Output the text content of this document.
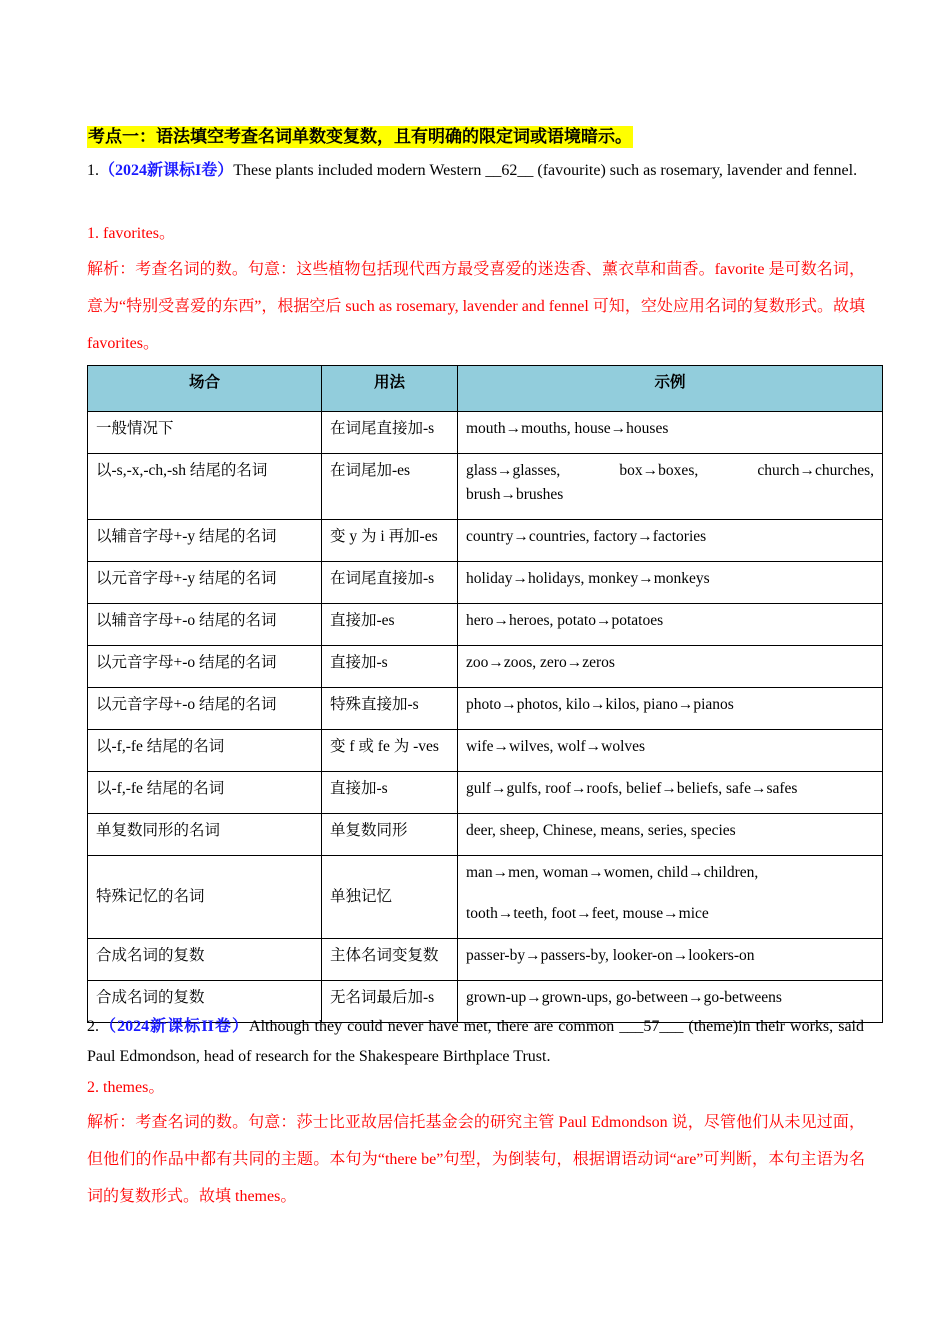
考点一：语法填空考查名词单数变复数，且有明确的限定词或语境暗示。
1.（2024新课标I卷）These plants included modern Western __62__ (favourite) such as rosemary, lavender and fennel.
1. favorites。
解析：考查名词的数。句意：这些植物包括现代西方最受喜爱的迷迭香、薰衣草和茴香。favorite 是可数名词，意为“特别受喜爱的东西”，根据空后 such as rosemary, lavender and fennel 可知，空处应用名词的复数形式。故填 favorites。
场合	用法	示例
一般情况下	在词尾直接加-s	mouth→mouths, house→houses
以-s,-x,-ch,-sh 结尾的名词	在词尾加-es	glass→glasses,        box→boxes,        church→churches, brush→brushes
以辅音字母+-y 结尾的名词	变 y 为 i 再加-es	country→countries, factory→factories
以元音字母+-y 结尾的名词	在词尾直接加-s	holiday→holidays, monkey→monkeys
以辅音字母+-o 结尾的名词	直接加-es	hero→heroes, potato→potatoes
以元音字母+-o 结尾的名词	直接加-s	zoo→zoos, zero→zeros
以元音字母+-o 结尾的名词	特殊直接加-s	photo→photos, kilo→kilos, piano→pianos
以-f,-fe 结尾的名词	变 f 或 fe 为 -ves	wife→wilves, wolf→wolves
以-f,-fe 结尾的名词	直接加-s	gulf→gulfs, roof→roofs, belief→beliefs, safe→safes
单复数同形的名词	单复数同形	deer, sheep, Chinese, means, series, species
特殊记忆的名词	单独记忆	man→men, woman→women, child→children,
tooth→teeth, foot→feet, mouse→mice

合成名词的复数	主体名词变复数	passer-by→passers-by, looker-on→lookers-on
合成名词的复数	无名词最后加-s	grown-up→grown-ups, go-between→go-betweens
2.（2024新课标II卷）Although they could never have met, there are common ___57___ (theme)in their works, said Paul Edmondson, head of research for the Shakespeare Birthplace Trust.
2. themes。
解析：考查名词的数。句意：莎士比亚故居信托基金会的研究主管 Paul Edmondson 说，尽管他们从未见过面，但他们的作品中都有共同的主题。本句为“there be”句型，为倒装句，根据谓语动词“are”可判断，本句主语为名词的复数形式。故填 themes。
